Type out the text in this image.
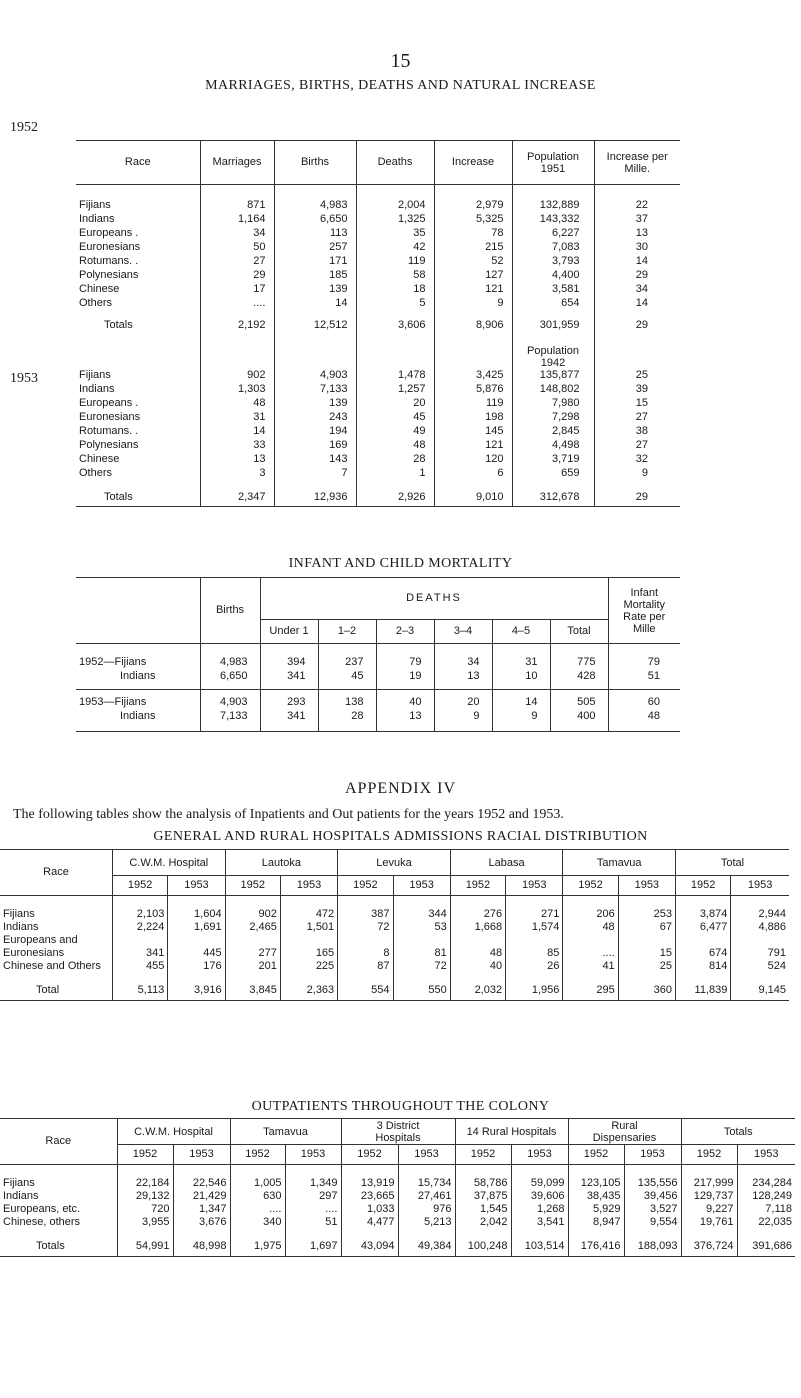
15
MARRIAGES, BIRTHS, DEATHS AND NATURAL INCREASE
1952
1953
Race	Marriages	Births	Deaths	Increase	Population 1951	Increase per Mille.

Fijians	871	4,983	2,004	2,979	132,889	22
Indians	1,164	6,650	1,325	5,325	143,332	37
Europeans .	34	113	35	78	6,227	13
Euronesians	50	257	42	215	7,083	30
Rotumans. .	27	171	119	52	3,793	14
Polynesians	29	185	58	127	4,400	29
Chinese	17	139	18	121	3,581	34
Others	....	14	5	9	654	14

Totals	2,192	12,512	3,606	8,906	301,959	29

					Population 1942	

Fijians	902	4,903	1,478	3,425	135,877	25
Indians	1,303	7,133	1,257	5,876	148,802	39
Europeans .	48	139	20	119	7,980	15
Euronesians	31	243	45	198	7,298	27
Rotumans. .	14	194	49	145	2,845	38
Polynesians	33	169	48	121	4,498	27
Chinese	13	143	28	120	3,719	32
Others	3	7	1	6	659	9

Totals	2,347	12,936	2,926	9,010	312,678	29
INFANT AND CHILD MORTALITY
	Births	DEATHS						Infant Mortality Rate per Mille

		Under 1	1–2	2–3	3–4	4–5	Total	

1952—Fijians	4,983	394	237	79	34	31	775	79
Indians	6,650	341	45	19	13	10	428	51

1953—Fijians	4,903	293	138	40	20	14	505	60
Indians	7,133	341	28	13	9	9	400	48

APPENDIX IV
The following tables show the analysis of Inpatients and Out patients for the years 1952 and 1953.
GENERAL AND RURAL HOSPITALS ADMISSIONS RACIAL DISTRIBUTION
Race	C.W.M. Hospital		Lautoka		Levuka		Labasa		Tamavua		Total	

	1952	1953	1952	1953	1952	1953	1952	1953	1952	1953	1952	1953

Fijians	2,103	1,604	902	472	387	344	276	271	206	253	3,874	2,944
Indians	2,224	1,691	2,465	1,501	72	53	1,668	1,574	48	67	6,477	4,886
Europeans and Euronesians	341	445	277	165	8	81	48	85	....	15	674	791
Chinese and Others	455	176	201	225	87	72	40	26	41	25	814	524

Total	5,113	3,916	3,845	2,363	554	550	2,032	1,956	295	360	11,839	9,145
OUTPATIENTS THROUGHOUT THE COLONY
Race	C.W.M. Hospital		Tamavua		3 District Hospitals		14 Rural Hospitals		Rural Dispensaries		Totals	

	1952	1953	1952	1953	1952	1953	1952	1953	1952	1953	1952	1953

Fijians	22,184	22,546	1,005	1,349	13,919	15,734	58,786	59,099	123,105	135,556	217,999	234,284
Indians	29,132	21,429	630	297	23,665	27,461	37,875	39,606	38,435	39,456	129,737	128,249
Europeans, etc.	720	1,347	....	....	1,033	976	1,545	1,268	5,929	3,527	9,227	7,118
Chinese, others	3,955	3,676	340	51	4,477	5,213	2,042	3,541	8,947	9,554	19,761	22,035

Totals	54,991	48,998	1,975	1,697	43,094	49,384	100,248	103,514	176,416	188,093	376,724	391,686
